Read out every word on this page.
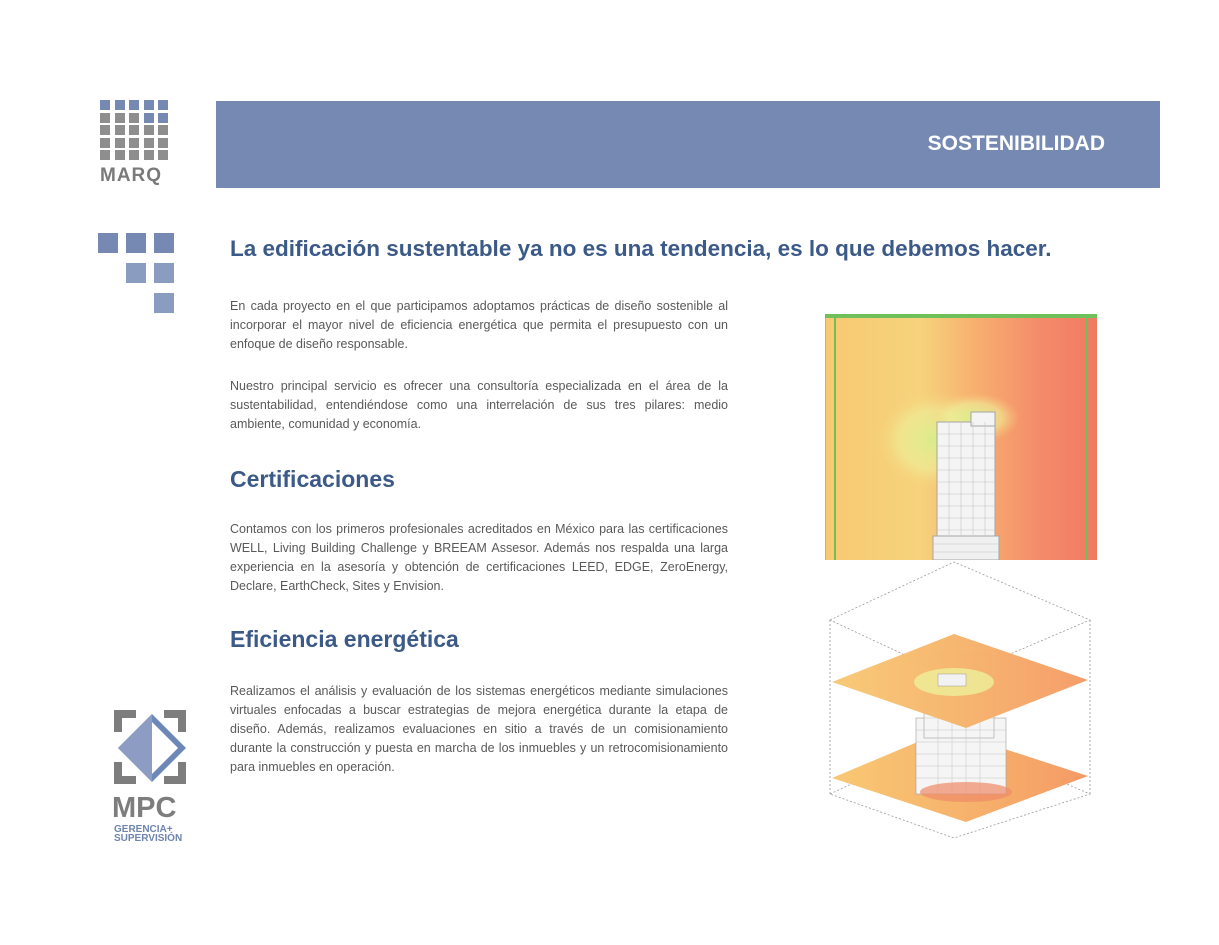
MARQ
SOSTENIBILIDAD
La edificación sustentable ya no es una tendencia, es lo que debemos hacer.
En cada proyecto en el que participamos adoptamos prácticas de diseño sostenible al incorporar el mayor nivel de eficiencia energética que permita el presupuesto con un enfoque de diseño responsable.
Nuestro principal servicio es ofrecer una consultoría especializada en el área de la sustentabilidad, entendiéndose como una interrelación de sus tres pilares: medio ambiente, comunidad y economía.
Certificaciones
Contamos con los primeros profesionales acreditados en México para las certificaciones WELL, Living Building Challenge y BREEAM Assesor. Además nos respalda una larga experiencia en la asesoría y obtención de certificaciones LEED, EDGE, ZeroEnergy, Declare, EarthCheck, Sites y Envision.
Eficiencia energética
Realizamos el análisis y evaluación de los sistemas energéticos mediante simulaciones virtuales enfocadas a buscar estrategias de mejora energética durante la etapa de diseño. Además, realizamos evaluaciones en sitio a través de un comisionamiento durante la construcción y puesta en marcha de los inmuebles y un retrocomisionamiento para inmuebles en operación.
MPC
GERENCIA+
SUPERVISIÓN
